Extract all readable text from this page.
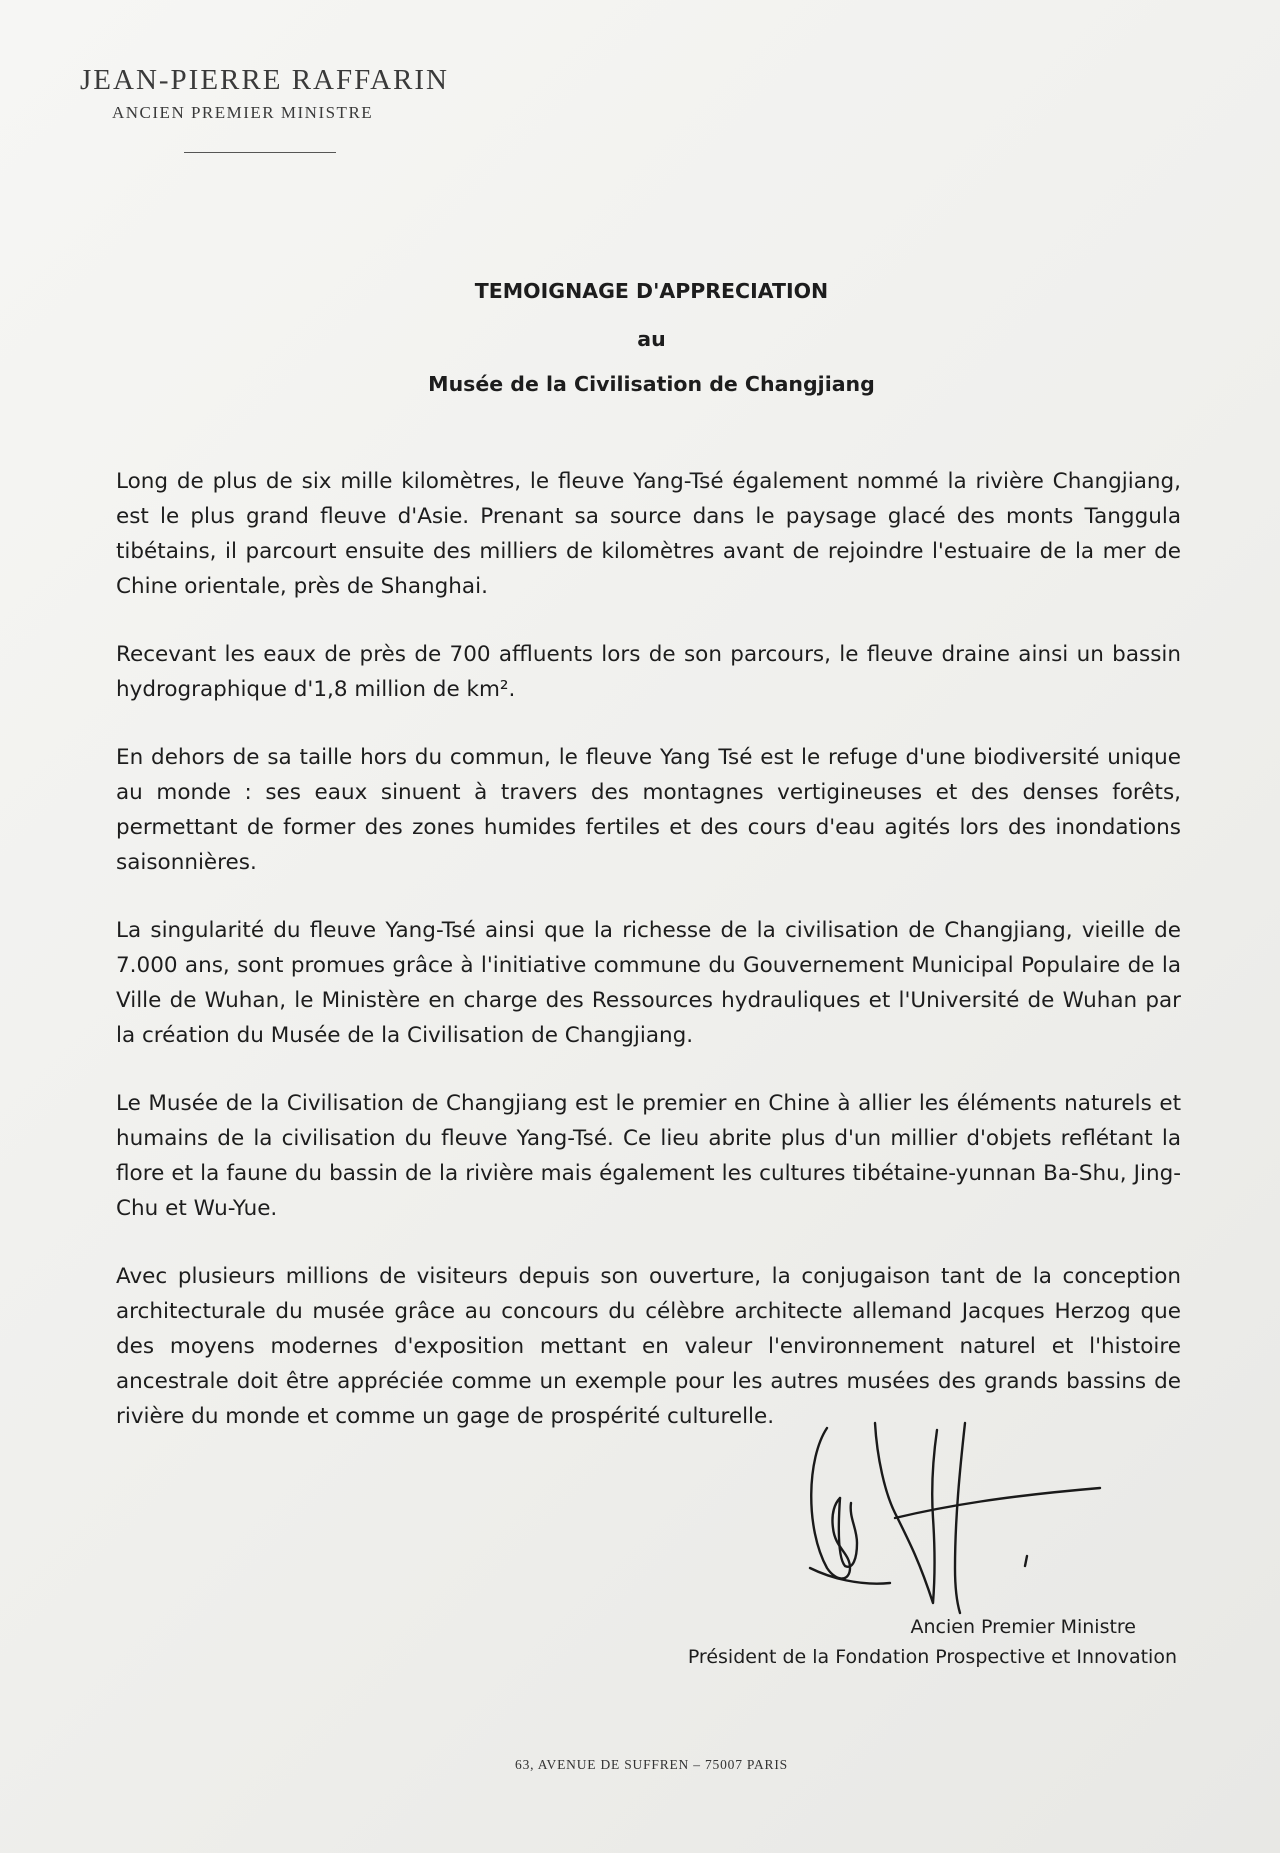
JEAN-PIERRE RAFFARIN
ANCIEN PREMIER MINISTRE
TEMOIGNAGE D'APPRECIATION
au
Musée de la Civilisation de Changjiang

Long de plus de six mille kilomètres, le fleuve Yang-Tsé également nommé la rivière Changjiang, est le plus grand fleuve d'Asie. Prenant sa source dans le paysage glacé des monts Tanggula tibétains, il parcourt ensuite des milliers de kilomètres avant de rejoindre l'estuaire de la mer de Chine orientale, près de Shanghai.

Recevant les eaux de près de 700 affluents lors de son parcours, le fleuve draine ainsi un bassin hydrographique d'1,8 million de km².

En dehors de sa taille hors du commun, le fleuve Yang Tsé est le refuge d'une biodiversité unique au monde : ses eaux sinuent à travers des montagnes vertigineuses et des denses forêts, permettant de former des zones humides fertiles et des cours d'eau agités lors des inondations saisonnières.

La singularité du fleuve Yang-Tsé ainsi que la richesse de la civilisation de Changjiang, vieille de 7.000 ans, sont promues grâce à l'initiative commune du Gouvernement Municipal Populaire de la Ville de Wuhan, le Ministère en charge des Ressources hydrauliques et l'Université de Wuhan par la création du Musée de la Civilisation de Changjiang.

Le Musée de la Civilisation de Changjiang est le premier en Chine à allier les éléments naturels et humains de la civilisation du fleuve Yang-Tsé. Ce lieu abrite plus d'un millier d'objets reflétant la flore et la faune du bassin de la rivière mais également les cultures tibétaine-yunnan Ba-Shu, Jing-Chu et Wu-Yue.

Avec plusieurs millions de visiteurs depuis son ouverture, la conjugaison tant de la conception architecturale du musée grâce au concours du célèbre architecte allemand Jacques Herzog que des moyens modernes d'exposition mettant en valeur l'environnement naturel et l'histoire ancestrale doit être appréciée comme un exemple pour les autres musées des grands bassins de rivière du monde et comme un gage de prospérité culturelle.

Ancien Premier Ministre
Président de la Fondation Prospective et Innovation
63, AVENUE DE SUFFREN – 75007 PARIS
